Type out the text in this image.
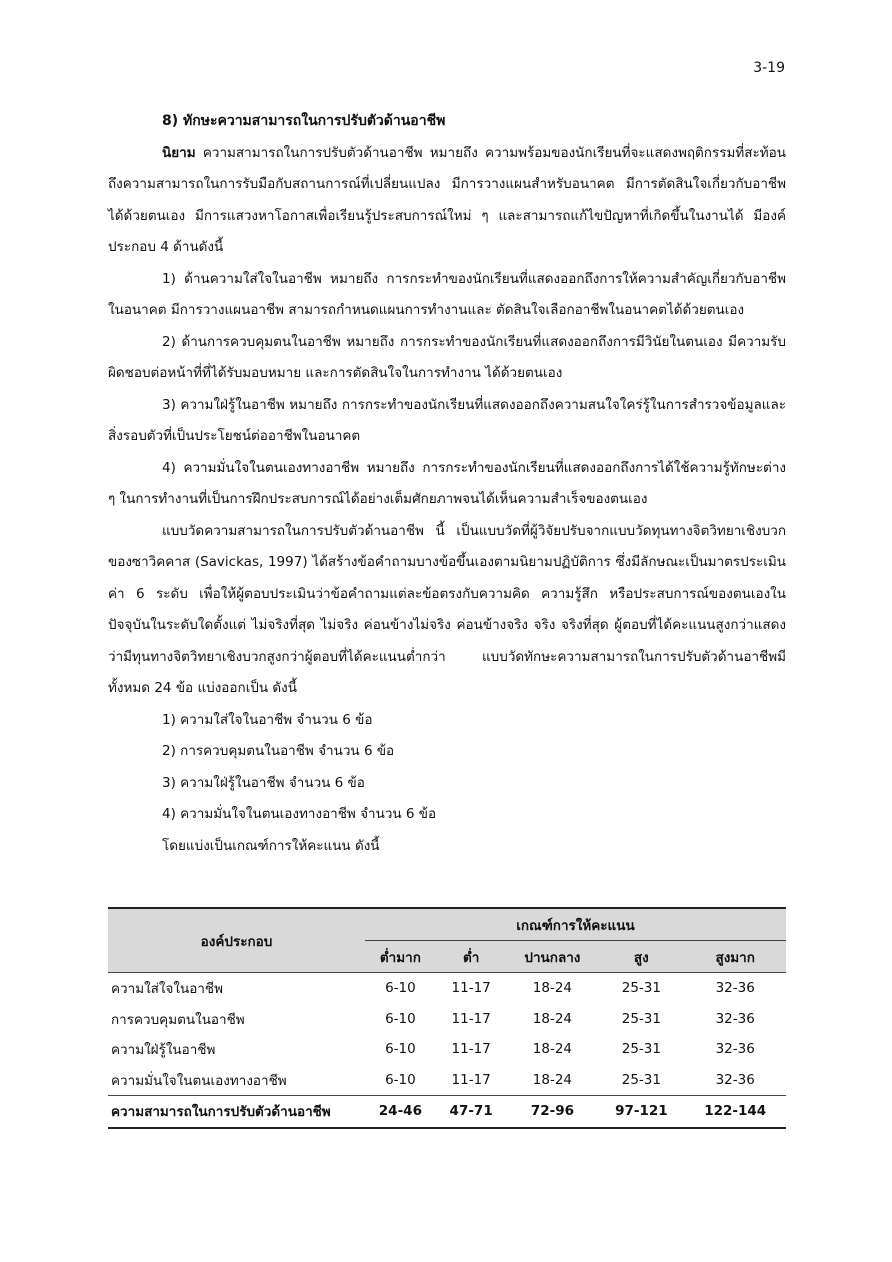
3-19

8) ทักษะความสามารถในการปรับตัวด้านอาชีพ

นิยาม ความสามารถในการปรับตัวด้านอาชีพ หมายถึง ความพร้อมของนักเรียนที่จะแสดงพฤติกรรมที่สะท้อนถึงความสามารถในการรับมือกับสถานการณ์ที่เปลี่ยนแปลง มีการวางแผนสำหรับอนาคต มีการตัดสินใจเกี่ยวกับอาชีพได้ด้วยตนเอง มีการแสวงหาโอกาสเพื่อเรียนรู้ประสบการณ์ใหม่ ๆ และสามารถแก้ไขปัญหาที่เกิดขึ้นในงานได้ มีองค์ประกอบ 4 ด้านดังนี้

1) ด้านความใส่ใจในอาชีพ หมายถึง การกระทำของนักเรียนที่แสดงออกถึงการให้ความสำคัญเกี่ยวกับอาชีพในอนาคต มีการวางแผนอาชีพ สามารถกำหนดแผนการทำงานและ ตัดสินใจเลือกอาชีพในอนาคตได้ด้วยตนเอง

2) ด้านการควบคุมตนในอาชีพ หมายถึง การกระทำของนักเรียนที่แสดงออกถึงการมีวินัยในตนเอง มีความรับผิดชอบต่อหน้าที่ที่ได้รับมอบหมาย และการตัดสินใจในการทำงาน ได้ด้วยตนเอง

3) ความใฝ่รู้ในอาชีพ หมายถึง การกระทำของนักเรียนที่แสดงออกถึงความสนใจใคร่รู้ในการสำรวจข้อมูลและสิ่งรอบตัวที่เป็นประโยชน์ต่ออาชีพในอนาคต

4) ความมั่นใจในตนเองทางอาชีพ หมายถึง การกระทำของนักเรียนที่แสดงออกถึงการได้ใช้ความรู้ทักษะต่าง ๆ ในการทำงานที่เป็นการฝึกประสบการณ์ได้อย่างเต็มศักยภาพจนได้เห็นความสำเร็จของตนเอง

แบบวัดความสามารถในการปรับตัวด้านอาชีพ นี้ เป็นแบบวัดที่ผู้วิจัยปรับจากแบบวัดทุนทางจิตวิทยาเชิงบวกของซาวิคคาส (Savickas, 1997) ได้สร้างข้อคำถามบางข้อขึ้นเองตามนิยามปฏิบัติการ ซึ่งมีลักษณะเป็นมาตรประเมินค่า 6 ระดับ เพื่อให้ผู้ตอบประเมินว่าข้อคำถามแต่ละข้อตรงกับความคิด ความรู้สึก หรือประสบการณ์ของตนเองในปัจจุบันในระดับใดตั้งแต่ ไม่จริงที่สุด ไม่จริง ค่อนข้างไม่จริง ค่อนข้างจริง จริง จริงที่สุด ผู้ตอบที่ได้คะแนนสูงกว่าแสดงว่ามีทุนทางจิตวิทยาเชิงบวกสูงกว่าผู้ตอบที่ได้คะแนนต่ำกว่า แบบวัดทักษะความสามารถในการปรับตัวด้านอาชีพมีทั้งหมด 24 ข้อ แบ่งออกเป็น ดังนี้

1) ความใส่ใจในอาชีพ จำนวน 6 ข้อ

2) การควบคุมตนในอาชีพ จำนวน 6 ข้อ

3) ความใฝ่รู้ในอาชีพ จำนวน 6 ข้อ

4) ความมั่นใจในตนเองทางอาชีพ จำนวน 6 ข้อ

โดยแบ่งเป็นเกณฑ์การให้คะแนน ดังนี้

องค์ประกอบ	เกณฑ์การให้คะแนน				
	ต่ำมาก	ต่ำ	ปานกลาง	สูง	สูงมาก
ความใส่ใจในอาชีพ	6-10	11-17	18-24	25-31	32-36
การควบคุมตนในอาชีพ	6-10	11-17	18-24	25-31	32-36
ความใฝ่รู้ในอาชีพ	6-10	11-17	18-24	25-31	32-36
ความมั่นใจในตนเองทางอาชีพ	6-10	11-17	18-24	25-31	32-36
ความสามารถในการปรับตัวด้านอาชีพ	24-46	47-71	72-96	97-121	122-144
